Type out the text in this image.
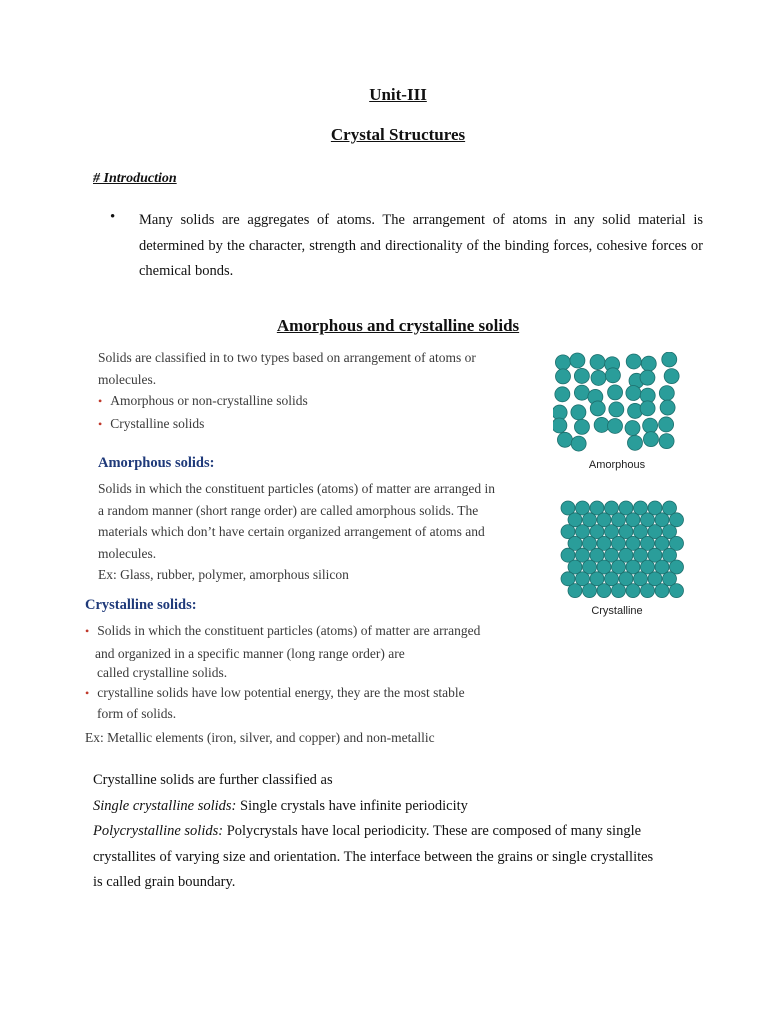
Unit-III
Crystal Structures
# Introduction
• Many solids are aggregates of atoms. The arrangement of atoms in any solid material is determined by the character, strength and directionality of the binding forces, cohesive forces or chemical bonds.
Amorphous and crystalline solids
Solids are classified in to two types based on arrangement of atoms or
molecules.
• Amorphous or non-crystalline solids
• Crystalline solids
Amorphous solids:
Solids in which the constituent particles (atoms) of matter are arranged in
a random manner (short range order) are called amorphous solids. The
materials which don’t have certain organized arrangement of atoms and
molecules.
Ex: Glass, rubber, polymer, amorphous silicon
Crystalline solids:
• Solids in which the constituent particles (atoms) of matter are arranged
and organized in a specific manner (long range order) are
called crystalline solids.
• crystalline solids have low potential energy, they are the most stable
form of solids.
Ex: Metallic elements (iron, silver, and copper) and non-metallic
Amorphous
Crystalline
Crystalline solids are further classified as
Single crystalline solids: Single crystals have infinite periodicity
Polycrystalline solids: Polycrystals have local periodicity. These are composed of many single
crystallites of varying size and orientation. The interface between the grains or single crystallites
is called grain boundary.
